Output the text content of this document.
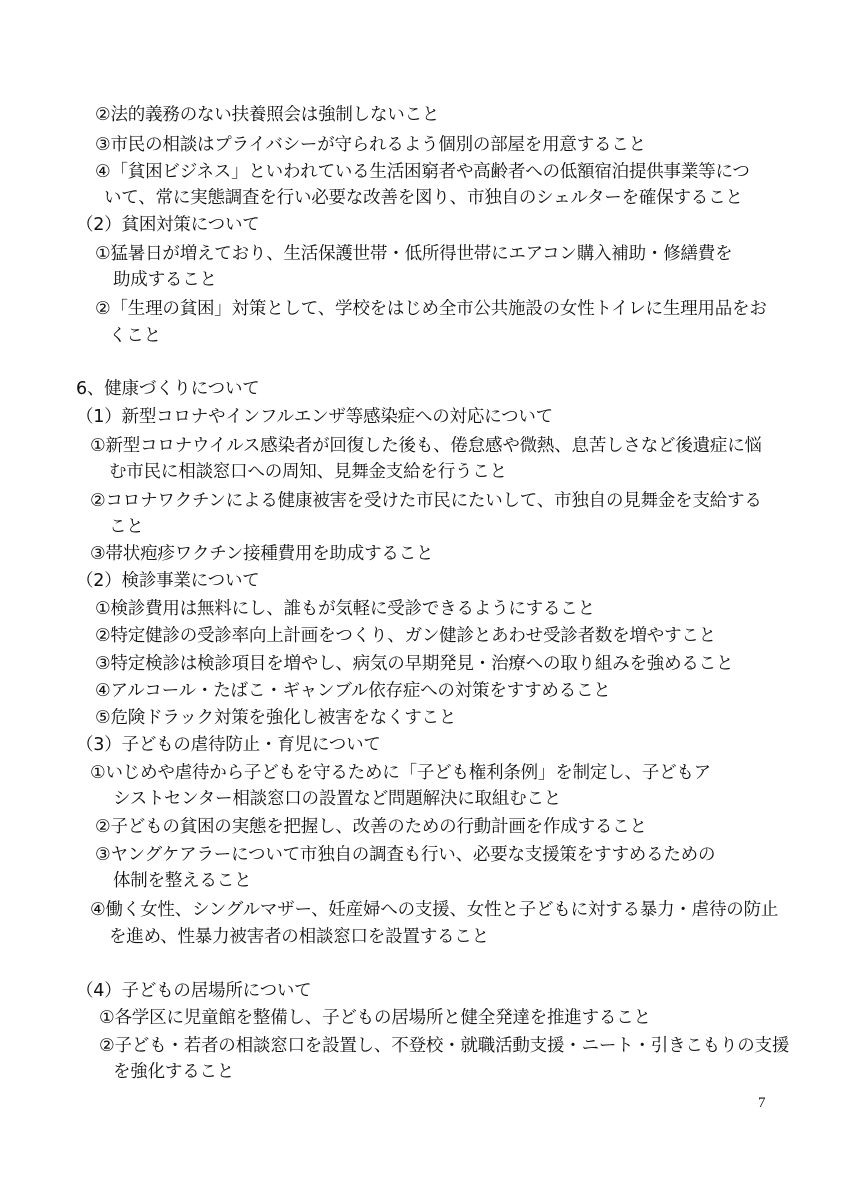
②法的義務のない扶養照会は強制しないこと
③市民の相談はプライバシーが守られるよう個別の部屋を用意すること
④「貧困ビジネス」といわれている生活困窮者や高齢者への低額宿泊提供事業等につ
いて、常に実態調査を行い必要な改善を図り、市独自のシェルターを確保すること
（2）貧困対策について
①猛暑日が増えており、生活保護世帯・低所得世帯にエアコン購入補助・修繕費を
助成すること
②「生理の貧困」対策として、学校をはじめ全市公共施設の女性トイレに生理用品をお
くこと
6、健康づくりについて
（1）新型コロナやインフルエンザ等感染症への対応について
①新型コロナウイルス感染者が回復した後も、倦怠感や微熱、息苦しさなど後遺症に悩
む市民に相談窓口への周知、見舞金支給を行うこと
②コロナワクチンによる健康被害を受けた市民にたいして、市独自の見舞金を支給する
こと
③帯状疱疹ワクチン接種費用を助成すること
（2）検診事業について
①検診費用は無料にし、誰もが気軽に受診できるようにすること
②特定健診の受診率向上計画をつくり、ガン健診とあわせ受診者数を増やすこと
③特定検診は検診項目を増やし、病気の早期発見・治療への取り組みを強めること
④アルコール・たばこ・ギャンブル依存症への対策をすすめること
⑤危険ドラック対策を強化し被害をなくすこと
（3）子どもの虐待防止・育児について
①いじめや虐待から子どもを守るために「子ども権利条例」を制定し、子どもア
シストセンター相談窓口の設置など問題解決に取組むこと
②子どもの貧困の実態を把握し、改善のための行動計画を作成すること
③ヤングケアラーについて市独自の調査も行い、必要な支援策をすすめるための
体制を整えること
④働く女性、シングルマザー、妊産婦への支援、女性と子どもに対する暴力・虐待の防止
を進め、性暴力被害者の相談窓口を設置すること
（4）子どもの居場所について
①各学区に児童館を整備し、子どもの居場所と健全発達を推進すること
②子ども・若者の相談窓口を設置し、不登校・就職活動支援・ニート・引きこもりの支援
を強化すること
7
